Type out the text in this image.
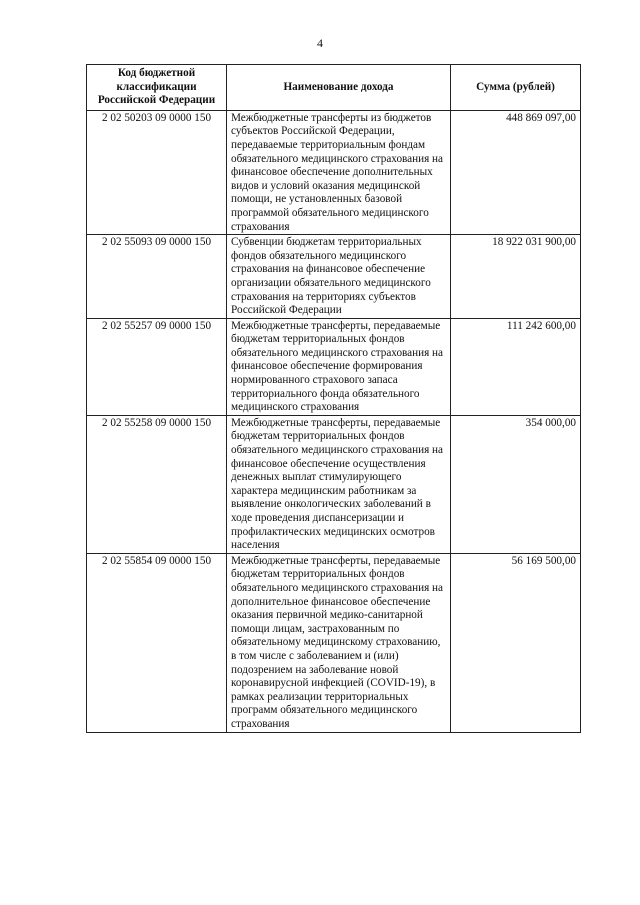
4
Код бюджетной классификации Российской Федерации	Наименование дохода	Сумма (рублей)
2 02 50203 09 0000 150	Межбюджетные трансферты из бюджетов субъектов Российской Федерации, передаваемые территориальным фондам обязательного медицинского страхования на финансовое обеспечение дополнительных видов и условий оказания медицинской помощи, не установленных базовой программой обязательного медицинского страхования	448 869 097,00
2 02 55093 09 0000 150	Субвенции бюджетам территориальных фондов обязательного медицинского страхования на финансовое обеспечение организации обязательного медицинского страхования на территориях субъектов Российской Федерации	18 922 031 900,00
2 02 55257 09 0000 150	Межбюджетные трансферты, передаваемые бюджетам территориальных фондов обязательного медицинского страхования на финансовое обеспечение формирования нормированного страхового запаса территориального фонда обязательного медицинского страхования	111 242 600,00
2 02 55258 09 0000 150	Межбюджетные трансферты, передаваемые бюджетам территориальных фондов обязательного медицинского страхования на финансовое обеспечение осуществления денежных выплат стимулирующего характера медицинским работникам за выявление онкологических заболеваний в ходе проведения диспансеризации и профилактических медицинских осмотров населения	354 000,00
2 02 55854 09 0000 150	Межбюджетные трансферты, передаваемые бюджетам территориальных фондов обязательного медицинского страхования на дополнительное финансовое обеспечение оказания первичной медико-санитарной помощи лицам, застрахованным по обязательному медицинскому страхованию, в том числе с заболеванием и (или) подозрением на заболевание новой коронавирусной инфекцией (COVID-19), в рамках реализации территориальных программ обязательного медицинского страхования	56 169 500,00
